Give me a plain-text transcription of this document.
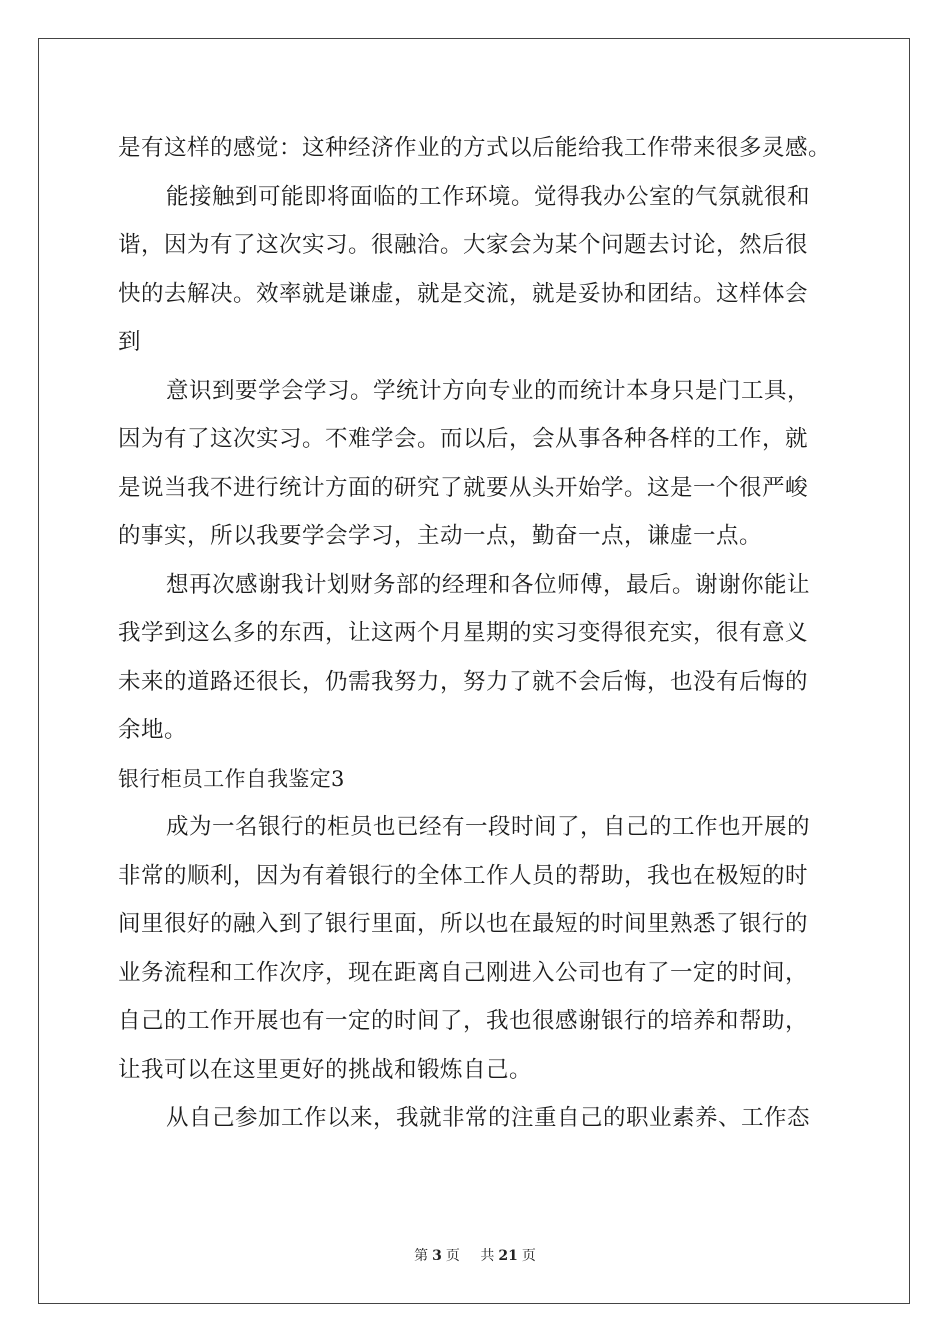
是有这样的感觉：这种经济作业的方式以后能给我工作带来很多灵感。
能接触到可能即将面临的工作环境。觉得我办公室的气氛就很和
谐，因为有了这次实习。很融洽。大家会为某个问题去讨论，然后很
快的去解决。效率就是谦虚，就是交流，就是妥协和团结。这样体会
到
意识到要学会学习。学统计方向专业的而统计本身只是门工具，
因为有了这次实习。不难学会。而以后，会从事各种各样的工作，就
是说当我不进行统计方面的研究了就要从头开始学。这是一个很严峻
的事实，所以我要学会学习，主动一点，勤奋一点，谦虚一点。
想再次感谢我计划财务部的经理和各位师傅，最后。谢谢你能让
我学到这么多的东西，让这两个月星期的实习变得很充实，很有意义
未来的道路还很长，仍需我努力，努力了就不会后悔，也没有后悔的
余地。
银行柜员工作自我鉴定3
成为一名银行的柜员也已经有一段时间了，自己的工作也开展的
非常的顺利，因为有着银行的全体工作人员的帮助，我也在极短的时
间里很好的融入到了银行里面，所以也在最短的时间里熟悉了银行的
业务流程和工作次序，现在距离自己刚进入公司也有了一定的时间，
自己的工作开展也有一定的时间了，我也很感谢银行的培养和帮助，
让我可以在这里更好的挑战和锻炼自己。
从自己参加工作以来，我就非常的注重自己的职业素养、工作态
第 3 页 共 21 页
